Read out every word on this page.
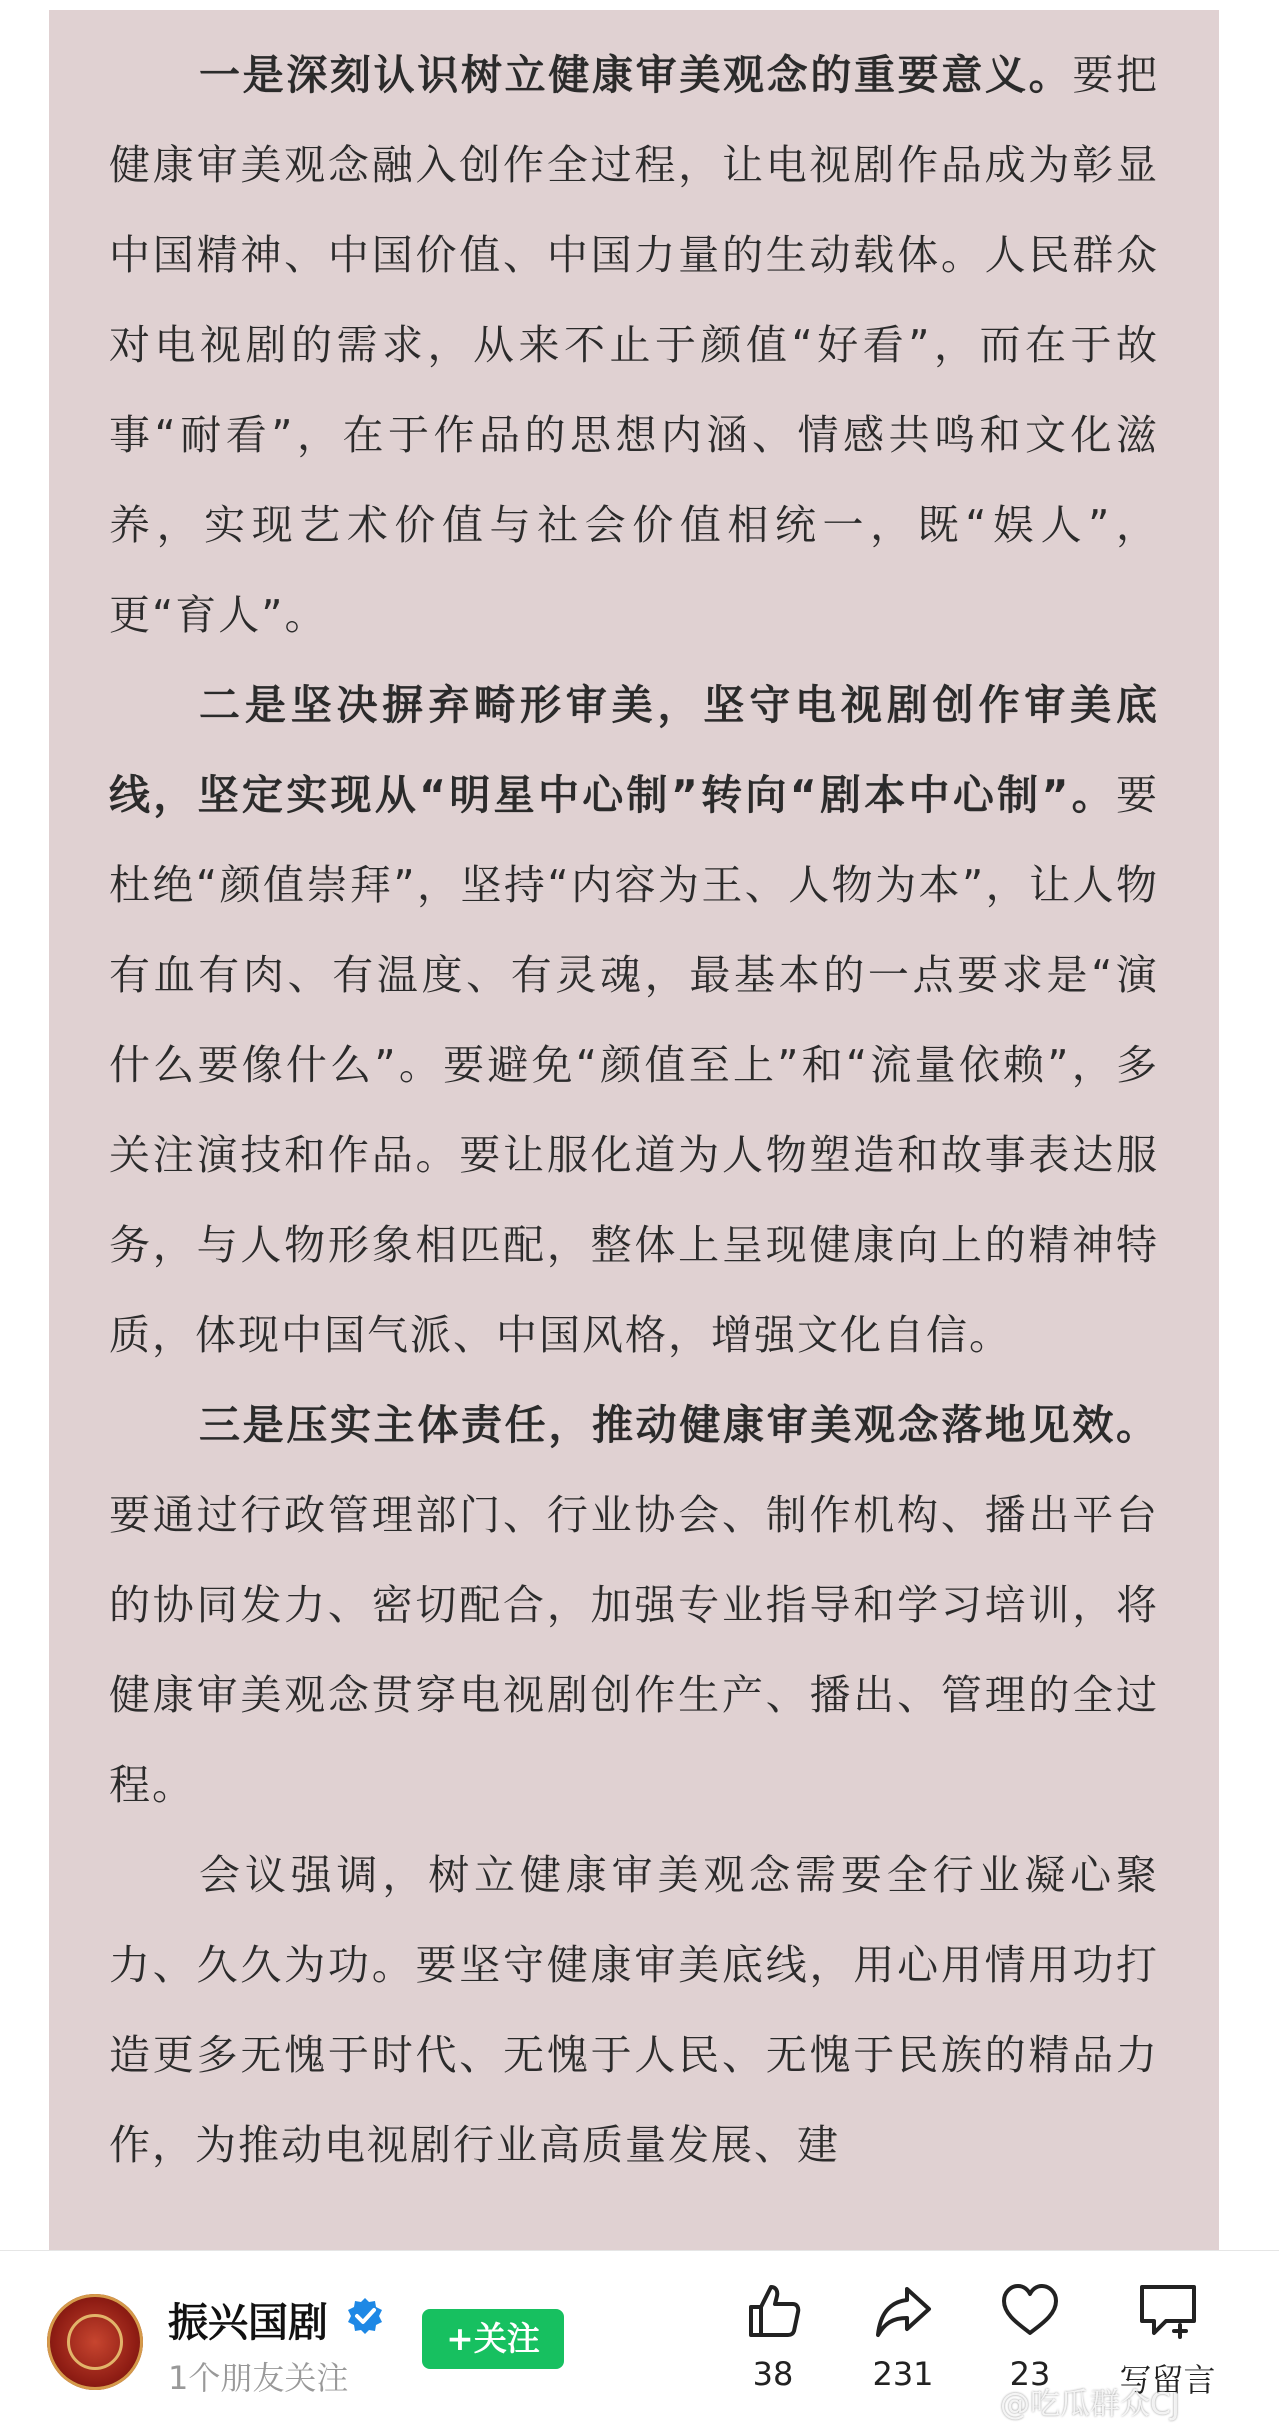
一是深刻认识树立健康审美观念的重要意义。要把健康审美观念融入创作全过程，让电视剧作品成为彰显中国精神、中国价值、中国力量的生动载体。人民群众对电视剧的需求，从来不止于颜值“好看”，而在于故事“耐看”，在于作品的思想内涵、情感共鸣和文化滋养，实现艺术价值与社会价值相统一，既“娱人”，更“育人”。

二是坚决摒弃畸形审美，坚守电视剧创作审美底线，坚定实现从“明星中心制”转向“剧本中心制”。要杜绝“颜值崇拜”，坚持“内容为王、人物为本”，让人物有血有肉、有温度、有灵魂，最基本的一点要求是“演什么要像什么”。要避免“颜值至上”和“流量依赖”，多关注演技和作品。要让服化道为人物塑造和故事表达服务，与人物形象相匹配，整体上呈现健康向上的精神特质，体现中国气派、中国风格，增强文化自信。

三是压实主体责任，推动健康审美观念落地见效。要通过行政管理部门、行业协会、制作机构、播出平台的协同发力、密切配合，加强专业指导和学习培训，将健康审美观念贯穿电视剧创作生产、播出、管理的全过程。

会议强调，树立健康审美观念需要全行业凝心聚力、久久为功。要坚守健康审美底线，用心用情用功打造更多无愧于时代、无愧于人民、无愧于民族的精品力作，为推动电视剧行业高质量发展、建

振兴国剧
1个朋友关注
+关注
38	231	23	写留言
@吃瓜群众CJ
